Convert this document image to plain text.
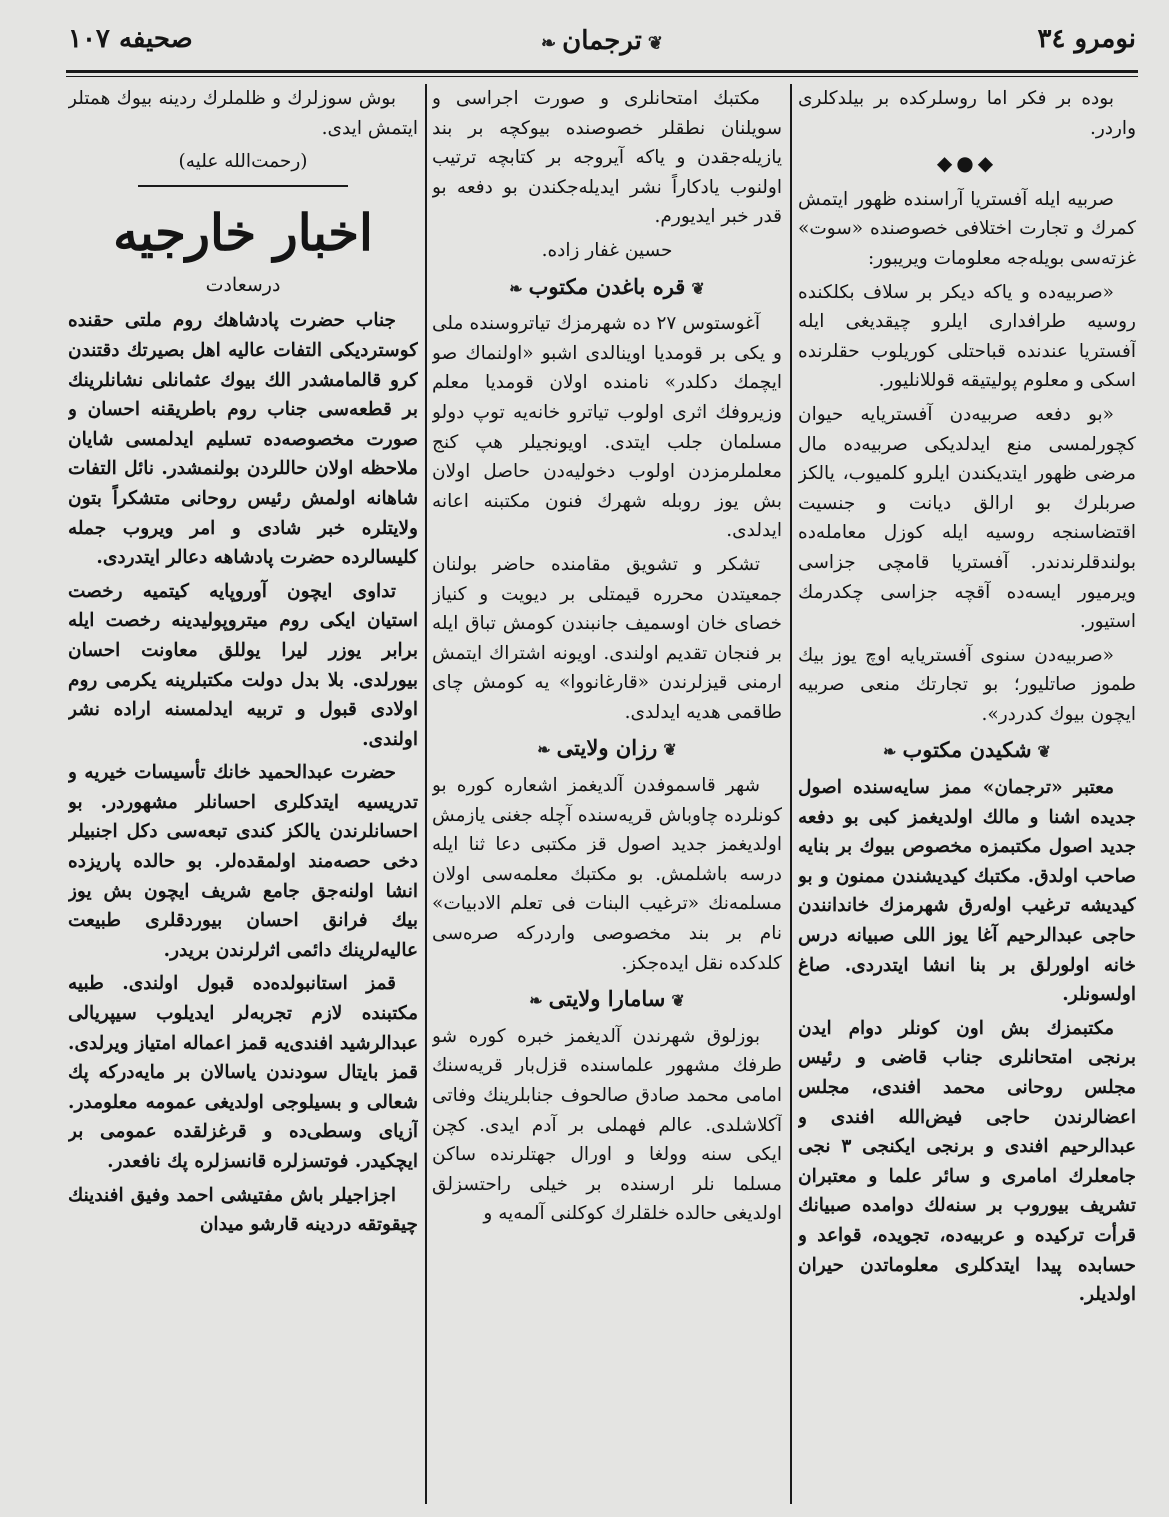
نومرو ٣٤
❦ترجمان❧
صحیفه ١٠٧

بوده بر فکر اما روسلرکده بر بیلدکلری واردر.

◆●◆

صربیه ایله آفستریا آراسنده ظهور ایتمش کمرك و تجارت اختلافی خصوصنده «سوت» غزته‌سی بویله‌جه معلومات ویریبور:

«صربیه‌ده و یاکه دیکر بر سلاف بکلکنده روسیه طرافداری ایلرو چیقدیغی ایله آفستریا عندنده قباحتلی کوریلوب حقلرنده اسکی و معلوم پولیتیقه قوللانلیور.

«بو دفعه صربیه‌دن آفستریایه حیوان کچورلمسی منع ایدلدیکی صربیه‌ده مال مرضی ظهور ایتدیکندن ایلرو کلمیوب، یالکز صربلرك بو ارالق دیانت و جنسیت اقتضاسنجه روسیه ایله کوزل معامله‌ده بولندقلرندندر. آفستریا قامچی جزاسی ویرمیور ایسه‌ده آقچه جزاسی چکدرمك استیور.

«صربیه‌دن سنوی آفستریایه اوچ یوز بیك طموز صاتلیور؛ بو تجارتك منعی صربیه ایچون بیوك کدردر».

❦شکیدن مکتوب❧

معتبر «ترجمان» ممز سایه‌سنده اصول جدیده اشنا و مالك اولدیغمز کبی بو دفعه جدید اصول مکتبمزه مخصوص بیوك بر بنایه صاحب اولدق. مکتبك کیدیشندن ممنون و بو کیدیشه ترغیب اوله‌رق شهرمزك خاندانندن حاجی عبدالرحیم آغا یوز اللی صبیانه درس خانه اولورلق بر بنا انشا ایتدردی. صاغ اولسونلر.

مکتبمزك بش اون کونلر دوام ایدن برنجی امتحانلری جناب قاضی و رئیس مجلس روحانی محمد افندی، مجلس اعضالرندن حاجی فیض‌الله افندی و عبدالرحیم افندی و برنجی ایکنجی ٣ نجی جامعلرك امامری و سائر علما و معتبران تشریف بیوروب بر سنه‌لك دوامده صبیانك قرأت ترکیده و عربیه‌ده، تجویده، قواعد و حسابده پیدا ایتدکلری معلوماتدن حیران اولدیلر.

مکتبك امتحانلری و صورت اجراسی و سویلنان نطقلر خصوصنده بیوکچه بر بند یازیله‌جقدن و یاکه آیروجه بر کتابچه ترتیب اولنوب یادکاراً نشر ایدیله‌جکندن بو دفعه بو قدر خبر ایدیورم.

حسین غفار زاده.

❦قره باغدن مکتوب❧

آغوستوس ٢٧ ده شهرمزك تیاتروسنده ملی و یکی بر قومدیا اوینالدی اشبو «اولنماك صو ایچمك دکلدر» نامنده اولان قومدیا معلم وزیروفك اثری اولوب تیاترو خانه‌یه توپ دولو مسلمان جلب ایتدی. اویونجیلر هپ کنج معلملرمزدن اولوب دخولیه‌دن حاصل اولان بش یوز روبله شهرك فنون مکتبنه اعانه ایدلدی.

تشکر و تشویق مقامنده حاضر بولنان جمعیتدن محرره قیمتلی بر دیویت و کنیاز خصای خان اوسمیف جانبندن کومش تباق ایله بر فنجان تقدیم اولندی. اویونه اشتراك ایتمش ارمنی قیزلرندن «قارغانووا» یه کومش چای طاقمی هدیه ایدلدی.

❦رزان ولایتی❧

شهر قاسموفدن آلدیغمز اشعاره کوره بو کونلرده چاوباش قریه‌سنده آچله جغنی یازمش اولدیغمز جدید اصول قز مکتبی دعا ثنا ایله درسه باشلمش. بو مکتبك معلمه‌سی اولان مسلمه‌نك «ترغیب البنات فی تعلم الادبیات» نام بر بند مخصوصی واردرکه صره‌سی کلدکده نقل ایده‌جکز.

❦سامارا ولایتی❧

بوزلوق شهرندن آلدیغمز خبره کوره شو طرفك مشهور علماسنده قزل‌بار قریه‌سنك امامی محمد صادق صالحوف جنابلرینك وفاتی آکلاشلدی. عالم فهملی بر آدم ایدی. کچن ایکی سنه وولغا و اورال جهتلرنده ساکن مسلما نلر ارسنده بر خیلی راحتسزلق اولدیغی حالده خلقلرك کوکلنی آلمه‌یه و

بوش سوزلرك و ظلملرك ردینه بیوك همتلر ایتمش ایدی.

(رحمت‌الله علیه)

اخبار خارجیه
درسعادت

جناب حضرت پادشاهك روم ملتی حقنده کوستردیکی التفات عالیه اهل بصیرتك دقتندن کرو قالمامشدر الك بیوك عثمانلی نشانلرینك بر قطعه‌سی جناب روم باطریقنه احسان و صورت مخصوصه‌ده تسلیم ایدلمسی شایان ملاحظه اولان حاللردن بولنمشدر. نائل التفات شاهانه اولمش رئیس روحانی متشکراً بتون ولایتلره خبر شادی و امر ویروب جمله کلیسالرده حضرت پادشاهه دعالر ایتدردی.

تداوی ایچون آوروپایه کیتمیه رخصت استیان ایکی روم میتروپولیدینه رخصت ایله برابر یوزر لیرا یوللق معاونت احسان بیورلدی. بلا بدل دولت مکتبلرینه یکرمی روم اولادی قبول و تربیه ایدلمسنه اراده نشر اولندی.

حضرت عبدالحمید خانك تأسیسات خیریه و تدریسیه ایتدکلری احسانلر مشهوردر. بو احسانلرندن یالکز کندی تبعه‌سی دکل اجنبیلر دخی حصه‌مند اولمقده‌لر. بو حالده پاریزده انشا اولنه‌جق جامع شریف ایچون بش یوز بیك فرانق احسان بیوردقلری طبیعت عالیه‌لرینك دائمی اثرلرندن بریدر.

قمز استانبولده‌ده قبول اولندی. طبیه مکتبنده لازم تجربه‌لر ایدیلوب سیپریالی عبدالرشید افندی‌یه قمز اعماله امتیاز ویرلدی. قمز بایتال سودندن یاسالان بر مایه‌درکه پك شعالی و بسیلوجی اولدیغی عمومه معلومدر. آزیای وسطی‌ده و قرغزلقده عمومی بر ایچکیدر. فوتسزلره قانسزلره پك نافعدر.

اجزاجیلر باش مفتیشی احمد وفیق افندینك چیقوتقه دردینه قارشو میدان
